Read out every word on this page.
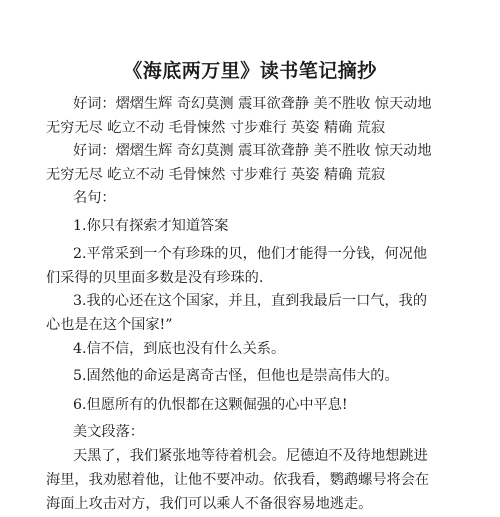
《海底两万里》读书笔记摘抄
好词：熠熠生辉 奇幻莫测 震耳欲聋静 美不胜收 惊天动地
无穷无尽 屹立不动 毛骨悚然 寸步难行 英姿 精确 荒寂
好词：熠熠生辉 奇幻莫测 震耳欲聋静 美不胜收 惊天动地
无穷无尽 屹立不动 毛骨悚然 寸步难行 英姿 精确 荒寂
名句：
1.你只有探索才知道答案
2.平常采到一个有珍珠的贝，他们才能得一分钱，何况他
们采得的贝里面多数是没有珍珠的.
3.我的心还在这个国家，并且，直到我最后一口气，我的
心也是在这个国家!”
4.信不信，到底也没有什么关系。
5.固然他的命运是离奇古怪，但他也是崇高伟大的。
6.但愿所有的仇恨都在这颗倔强的心中平息!
美文段落：
天黑了，我们紧张地等待着机会。尼德迫不及待地想跳进
海里，我劝慰着他，让他不要冲动。依我看，鹦鹉螺号将会在
海面上攻击对方，我们可以乘人不备很容易地逃走。
